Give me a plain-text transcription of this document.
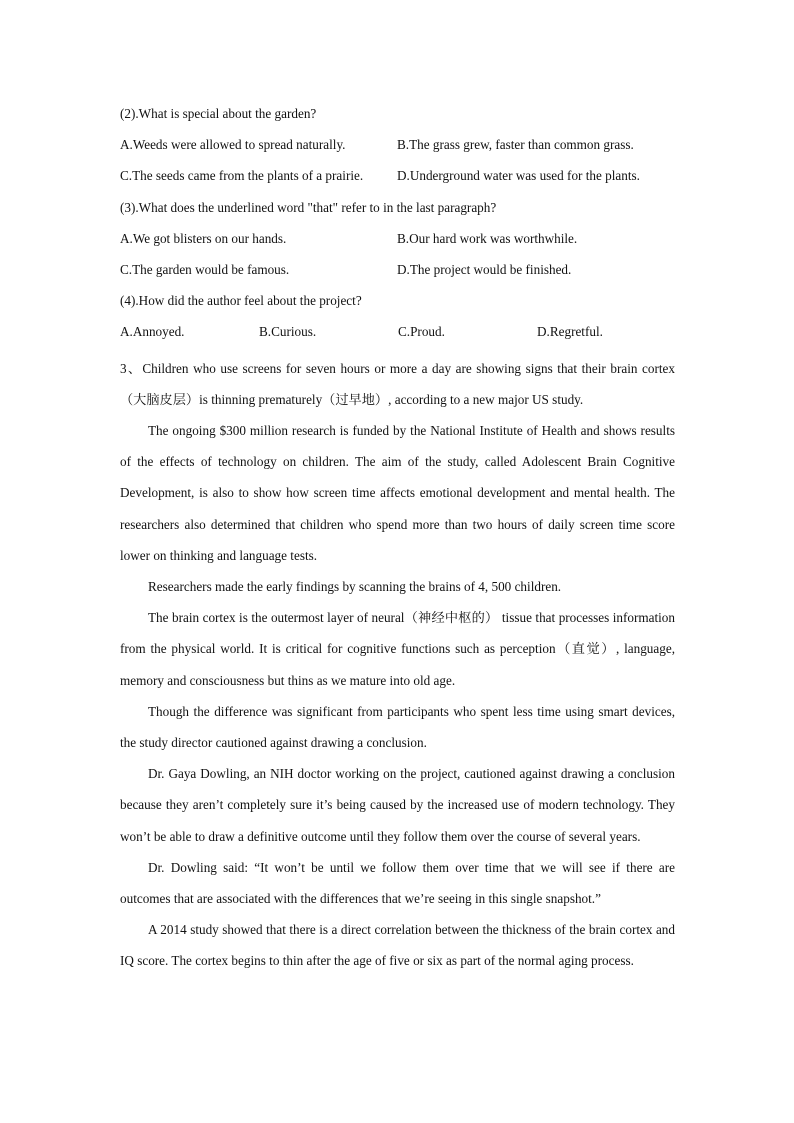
(2).What is special about the garden?
A.Weeds were allowed to spread naturally.	B.The grass grew, faster than common grass.
C.The seeds came from the plants of a prairie.	D.Underground water was used for the plants.
(3).What does the underlined word "that" refer to in the last paragraph?
A.We got blisters on our hands.	B.Our hard work was worthwhile.
C.The garden would be famous.	D.The project would be finished.
(4).How did the author feel about the project?
A.Annoyed.	B.Curious.	C.Proud.	D.Regretful.
3、Children who use screens for seven hours or more a day are showing signs that their brain cortex（大脑皮层）is thinning prematurely（过早地）, according to a new major US study.
The ongoing $300 million research is funded by the National Institute of Health and shows results of the effects of technology on children. The aim of the study, called Adolescent Brain Cognitive Development, is also to show how screen time affects emotional development and mental health. The researchers also determined that children who spend more than two hours of daily screen time score lower on thinking and language tests.
Researchers made the early findings by scanning the brains of 4, 500 children.
The brain cortex is the outermost layer of neural（神经中枢的） tissue that processes information from the physical world. It is critical for cognitive functions such as perception（直觉）, language, memory and consciousness but thins as we mature into old age.
Though the difference was significant from participants who spent less time using smart devices, the study director cautioned against drawing a conclusion.
Dr. Gaya Dowling, an NIH doctor working on the project, cautioned against drawing a conclusion because they aren’t completely sure it’s being caused by the increased use of modern technology. They won’t be able to draw a definitive outcome until they follow them over the course of several years.
Dr. Dowling said: “It won’t be until we follow them over time that we will see if there are outcomes that are associated with the differences that we’re seeing in this single snapshot.”
A 2014 study showed that there is a direct correlation between the thickness of the brain cortex and IQ score. The cortex begins to thin after the age of five or six as part of the normal aging process.
